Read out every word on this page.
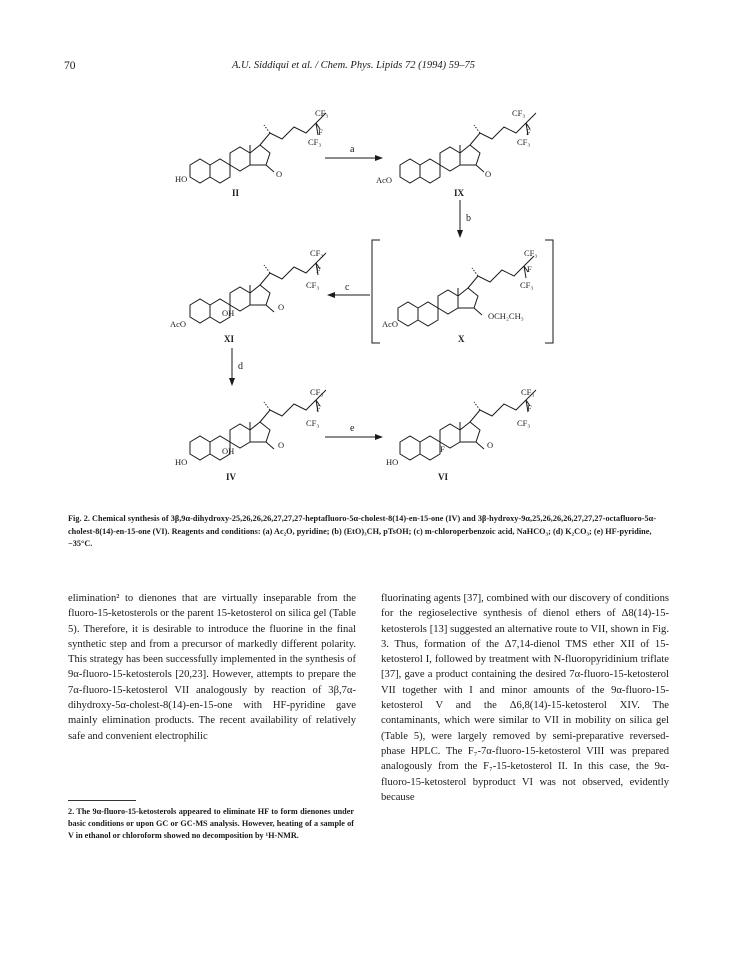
70	A.U. Siddiqui et al. / Chem. Phys. Lipids 72 (1994) 59–75
CF₃
F
CF₃
O
HO
II
a
CF₃
F
CF₃
O
AcO
IX
b
CF₃
F
CF₃
OCH₂CH₃
AcO
X
c
CF₃
F
CF₃
O
OH
AcO
XI
d
CF₃
F
CF₃
O
OH
HO
IV
e
CF₃
F
CF₃
O
F
HO
VI
Fig. 2. Chemical synthesis of 3β,9α-dihydroxy-25,26,26,26,27,27,27-heptafluoro-5α-cholest-8(14)-en-15-one (IV) and 3β-hydroxy-9α,25,26,26,26,27,27,27-octafluoro-5α-cholest-8(14)-en-15-one (VI). Reagents and conditions: (a) Ac₂O, pyridine; (b) (EtO)₃CH, pTsOH; (c) m-chloroperbenzoic acid, NaHCO₃; (d) K₂CO₃; (e) HF-pyridine, −35°C.

elimination² to dienones that are virtually inseparable from the fluoro-15-ketosterols or the parent 15-ketosterol on silica gel (Table 5). Therefore, it is desirable to introduce the fluorine in the final synthetic step and from a precursor of markedly different polarity. This strategy has been successfully implemented in the synthesis of 9α-fluoro-15-ketosterols [20,23]. However, attempts to prepare the 7α-fluoro-15-ketosterol VII analogously by reaction of 3β,7α-dihydroxy-5α-cholest-8(14)-en-15-one with HF-pyridine gave mainly elimination products. The recent availability of relatively safe and convenient electrophilic

2. The 9α-fluoro-15-ketosterols appeared to eliminate HF to form dienones under basic conditions or upon GC or GC-MS analysis. However, heating of a sample of V in ethanol or chloroform showed no decomposition by ¹H-NMR.

fluorinating agents [37], combined with our discovery of conditions for the regioselective synthesis of dienol ethers of Δ8(14)-15-ketosterols [13] suggested an alternative route to VII, shown in Fig. 3. Thus, formation of the Δ7,14-dienol TMS ether XII of 15-ketosterol I, followed by treatment with N-fluoropyridinium triflate [37], gave a product containing the desired 7α-fluoro-15-ketosterol VII together with I and minor amounts of the 9α-fluoro-15-ketosterol V and the Δ6,8(14)-15-ketosterol XIV. The contaminants, which were similar to VII in mobility on silica gel (Table 5), were largely removed by semi-preparative reversed-phase HPLC. The F₇-7α-fluoro-15-ketosterol VIII was prepared analogously from the F₇-15-ketosterol II. In this case, the 9α-fluoro-15-ketosterol byproduct VI was not observed, evidently because
